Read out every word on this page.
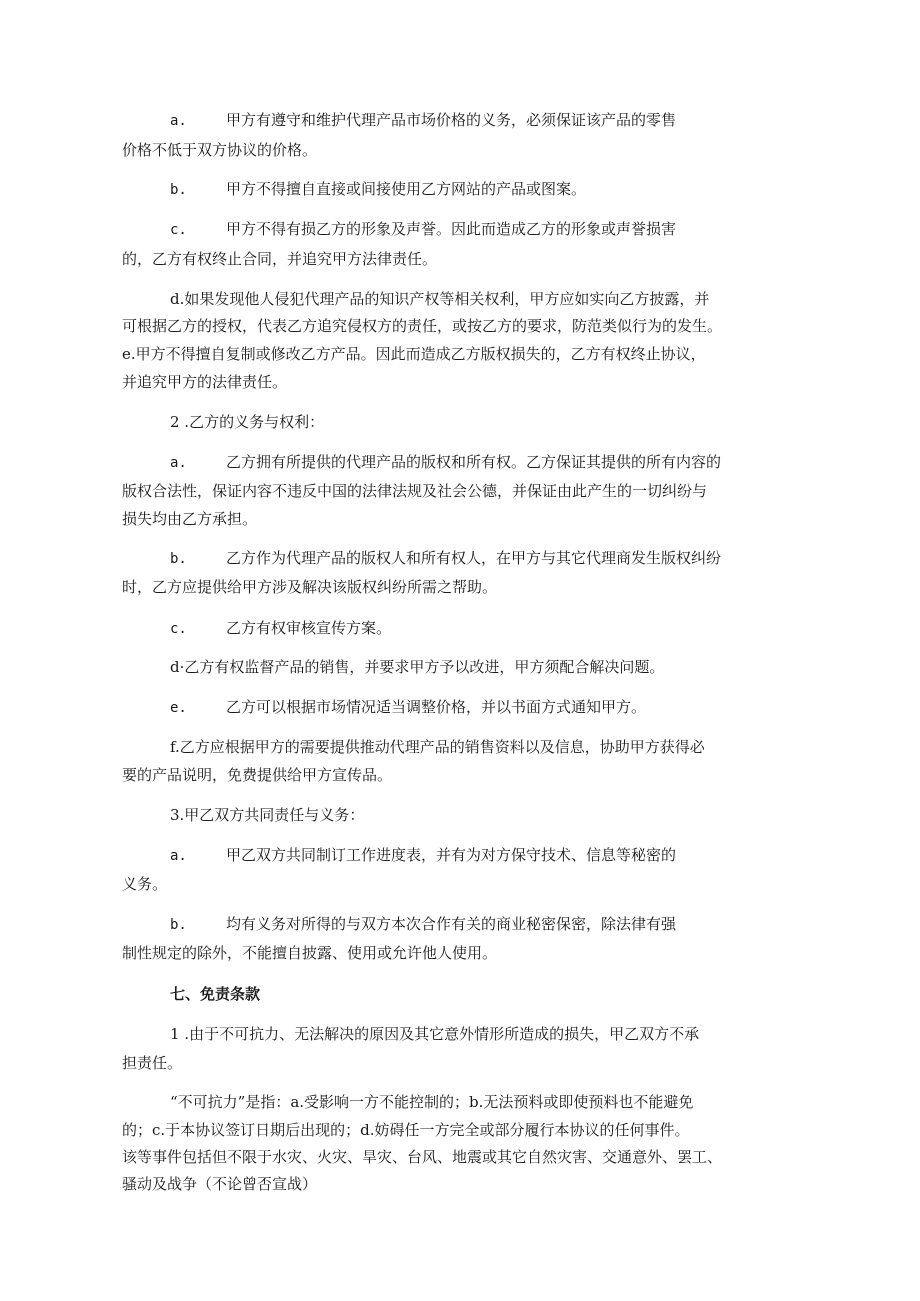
a.	甲方有遵守和维护代理产品市场价格的义务，必须保证该产品的零售
价格不低于双方协议的价格。
b.	甲方不得擅自直接或间接使用乙方网站的产品或图案。
c.	甲方不得有损乙方的形象及声誉。因此而造成乙方的形象或声誉损害
的，乙方有权终止合同，并追究甲方法律责任。
d.如果发现他人侵犯代理产品的知识产权等相关权利，甲方应如实向乙方披露，并
可根据乙方的授权，代表乙方追究侵权方的责任，或按乙方的要求，防范类似行为的发生。
e.甲方不得擅自复制或修改乙方产品。因此而造成乙方版权损失的，乙方有权终止协议，
并追究甲方的法律责任。
2 .乙方的义务与权利：
a.	乙方拥有所提供的代理产品的版权和所有权。乙方保证其提供的所有内容的
版权合法性，保证内容不违反中国的法律法规及社会公德，并保证由此产生的一切纠纷与
损失均由乙方承担。
b.	乙方作为代理产品的版权人和所有权人，在甲方与其它代理商发生版权纠纷
时，乙方应提供给甲方涉及解决该版权纠纷所需之帮助。
c.	乙方有权审核宣传方案。
d·乙方有权监督产品的销售，并要求甲方予以改进，甲方须配合解决问题。
e.	乙方可以根据市场情况适当调整价格，并以书面方式通知甲方。
f.乙方应根据甲方的需要提供推动代理产品的销售资料以及信息，协助甲方获得必
要的产品说明，免费提供给甲方宣传品。
3.甲乙双方共同责任与义务：
a.	甲乙双方共同制订工作进度表，并有为对方保守技术、信息等秘密的
义务。
b.	均有义务对所得的与双方本次合作有关的商业秘密保密，除法律有强
制性规定的除外，不能擅自披露、使用或允许他人使用。
七、免责条款
1 .由于不可抗力、无法解决的原因及其它意外情形所造成的损失，甲乙双方不承
担责任。
“不可抗力”是指：a.受影响一方不能控制的；b.无法预料或即使预料也不能避免
的；c.于本协议签订日期后出现的；d.妨碍任一方完全或部分履行本协议的任何事件。
该等事件包括但不限于水灾、火灾、旱灾、台风、地震或其它自然灾害、交通意外、罢工、
骚动及战争（不论曾否宣战）
